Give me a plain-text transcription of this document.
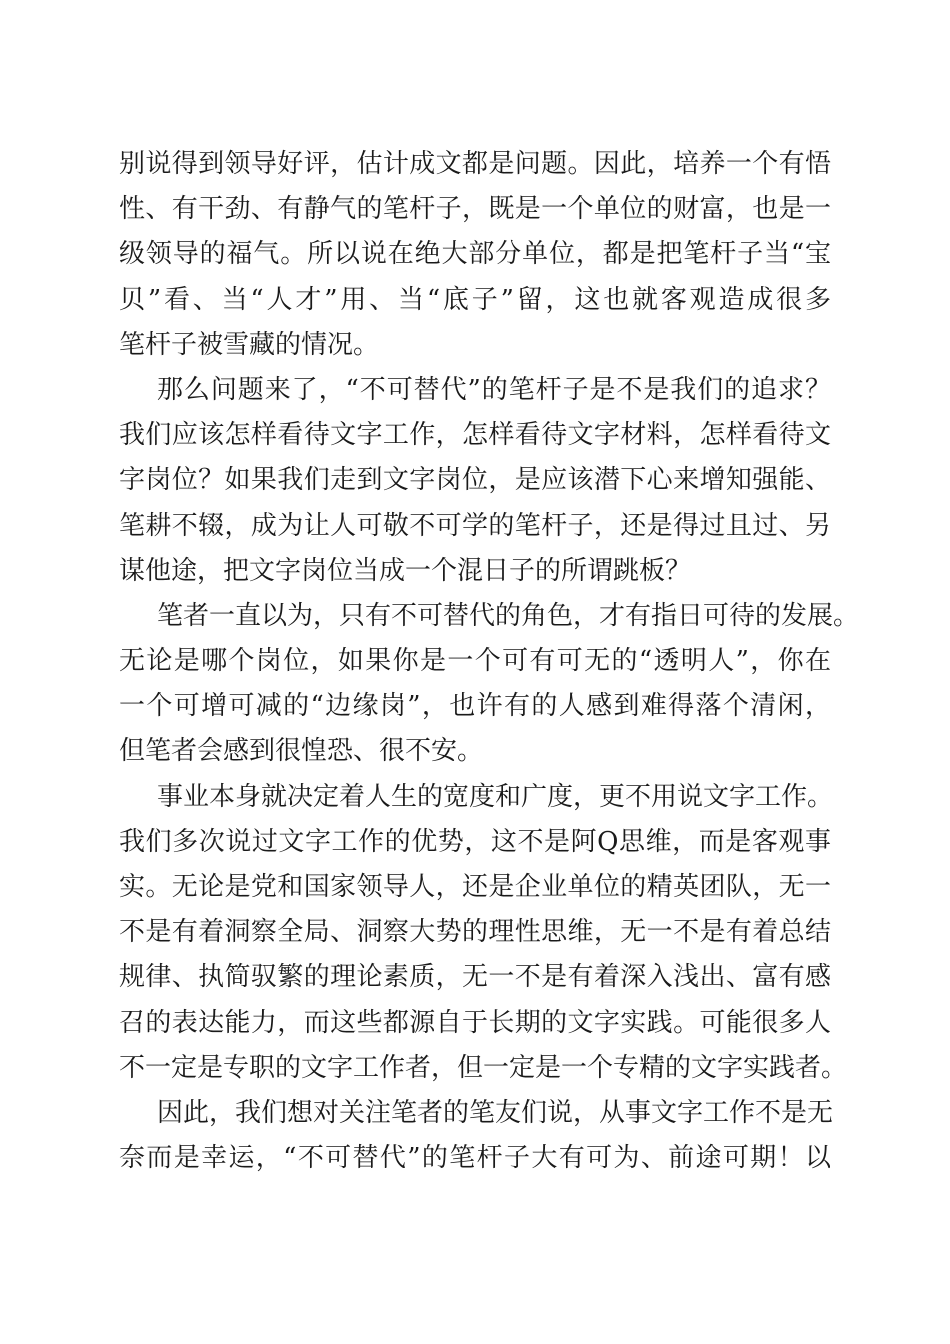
别说得到领导好评，估计成文都是问题。因此，培养一个有悟
性、有干劲、有静气的笔杆子，既是一个单位的财富，也是一
级领导的福气。所以说在绝大部分单位，都是把笔杆子当“宝
贝”看、当“人才”用、当“底子”留，这也就客观造成很多
笔杆子被雪藏的情况。
那么问题来了，“不可替代”的笔杆子是不是我们的追求？
我们应该怎样看待文字工作，怎样看待文字材料，怎样看待文
字岗位？如果我们走到文字岗位，是应该潜下心来增知强能、
笔耕不辍，成为让人可敬不可学的笔杆子，还是得过且过、另
谋他途，把文字岗位当成一个混日子的所谓跳板？
笔者一直以为，只有不可替代的角色，才有指日可待的发展。
无论是哪个岗位，如果你是一个可有可无的“透明人”，你在
一个可增可减的“边缘岗”，也许有的人感到难得落个清闲，
但笔者会感到很惶恐、很不安。
事业本身就决定着人生的宽度和广度，更不用说文字工作。
我们多次说过文字工作的优势，这不是阿Q思维，而是客观事
实。无论是党和国家领导人，还是企业单位的精英团队，无一
不是有着洞察全局、洞察大势的理性思维，无一不是有着总结
规律、执简驭繁的理论素质，无一不是有着深入浅出、富有感
召的表达能力，而这些都源自于长期的文字实践。可能很多人
不一定是专职的文字工作者，但一定是一个专精的文字实践者。
因此，我们想对关注笔者的笔友们说，从事文字工作不是无
奈而是幸运，“不可替代”的笔杆子大有可为、前途可期！以
